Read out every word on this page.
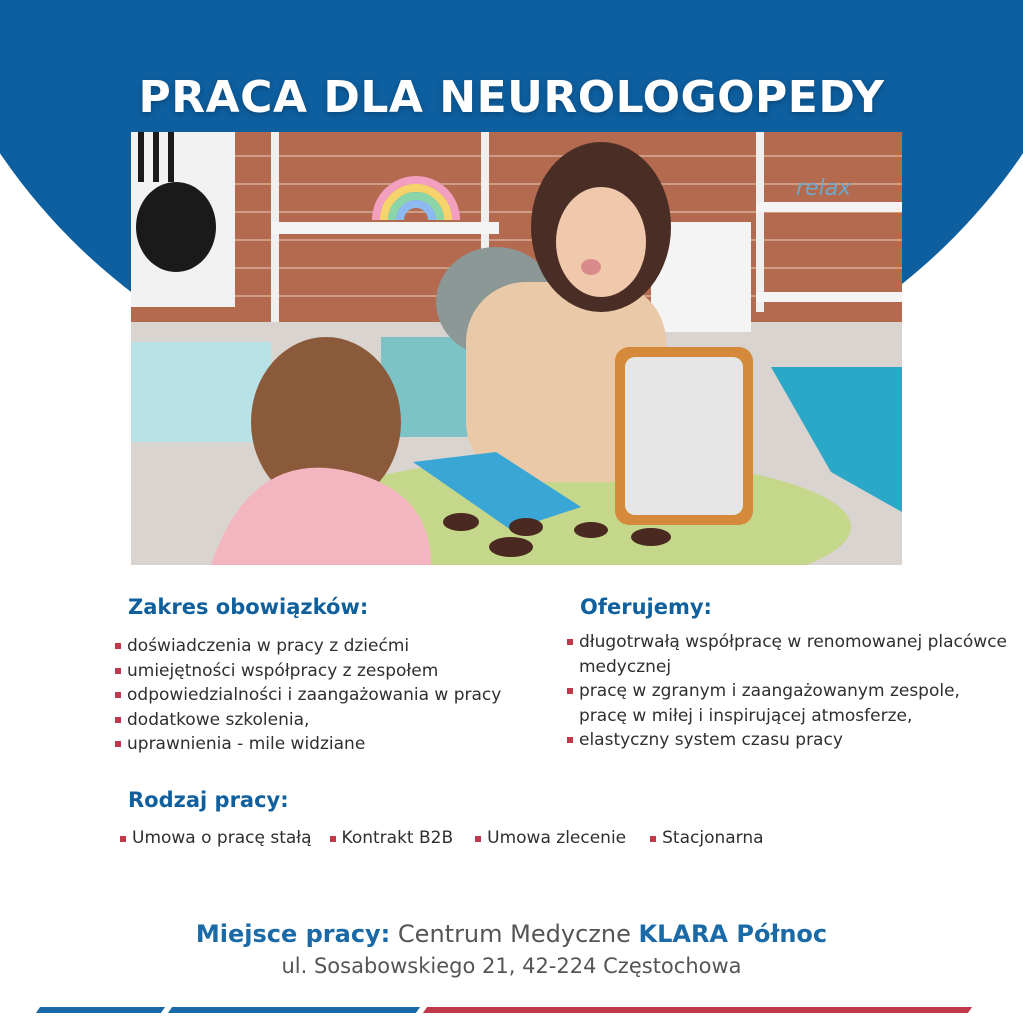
PRACA DLA NEUROLOGOPEDY
relax
Zakres obowiązków:
doświadczenia w pracy z dziećmi
umiejętności współpracy z zespołem
odpowiedzialności i zaangażowania w pracy
dodatkowe szkolenia,
uprawnienia - mile widziane
Oferujemy:
długotrwałą współpracę w renomowanej placówce medycznej
pracę w zgranym i zaangażowanym zespole, pracę w miłej i inspirującej atmosferze,
elastyczny system czasu pracy
Rodzaj pracy:
Umowa o pracę stałą	Kontrakt B2B	Umowa zlecenie	Stacjonarna
Miejsce pracy: Centrum Medyczne KLARA Północ
ul. Sosabowskiego 21, 42-224 Częstochowa
